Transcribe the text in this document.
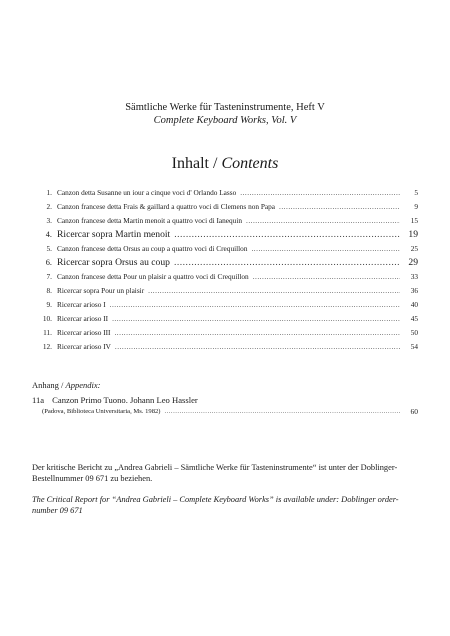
Sämtliche Werke für Tasteninstrumente, Heft V
Complete Keyboard Works, Vol. V
Inhalt / Contents
1. Canzon detta Susanne un iour a cinque voci d' Orlando Lasso .....	5
2. Canzon francese detta Frais & gaillard a quattro voci di Clemens non Papa .....	9
3. Canzon francese detta Martin menoit a quattro voci di Ianequin .....	15
4. Ricercar sopra Martin menoit .....	19
5. Canzon francese detta Orsus au coup a quattro voci di Crequillon .....	25
6. Ricercar sopra Orsus au coup .....	29
7. Canzon francese detta Pour un plaisir a quattro voci di Crequillon .....	33
8. Ricercar sopra Pour un plaisir .....	36
9. Ricercar arioso I .....	40
10. Ricercar arioso II .....	45
11. Ricercar arioso III .....	50
12. Ricercar arioso IV .....	54
Anhang / Appendix:
11a Canzon Primo Tuono. Johann Leo Hassler
(Padova, Biblioteca Universitaria, Ms. 1982) .....	60
Der kritische Bericht zu „Andrea Gabrieli – Sämtliche Werke für Tasteninstrumente“ ist unter der Doblinger-Bestellnummer 09 671 zu beziehen.
The Critical Report for “Andrea Gabrieli – Complete Keyboard Works” is available under: Doblinger order-number 09 671
